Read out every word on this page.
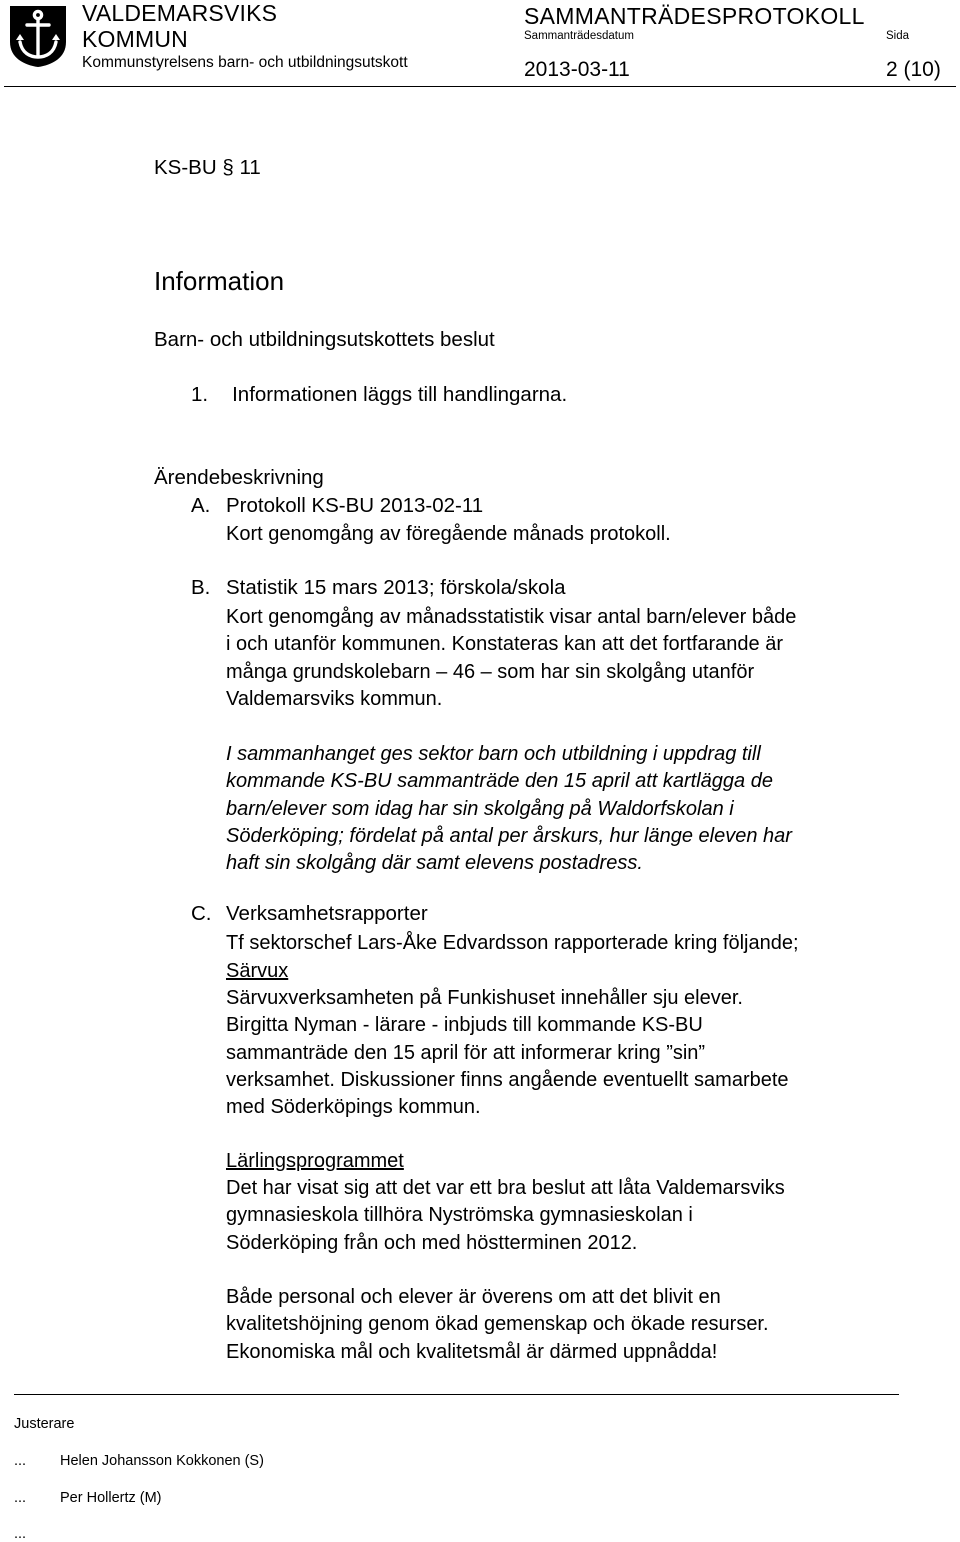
VALDEMARSVIKS
KOMMUN
Kommunstyrelsens barn- och utbildningsutskott
SAMMANTRÄDESPROTOKOLL
Sammanträdesdatum	Sida
2013-03-11	2 (10)
KS-BU § 11
Information
Barn- och utbildningsutskottets beslut
1. Informationen läggs till handlingarna.
Ärendebeskrivning
A. Protokoll KS-BU 2013-02-11
Kort genomgång av föregående månads protokoll.
B. Statistik 15 mars 2013; förskola/skola
Kort genomgång av månadsstatistik visar antal barn/elever både
i och utanför kommunen. Konstateras kan att det fortfarande är
många grundskolebarn – 46 – som har sin skolgång utanför
Valdemarsviks kommun.
I sammanhanget ges sektor barn och utbildning i uppdrag till
kommande KS-BU sammanträde den 15 april att kartlägga de
barn/elever som idag har sin skolgång på Waldorfskolan i
Söderköping; fördelat på antal per årskurs, hur länge eleven har
haft sin skolgång där samt elevens postadress.
C. Verksamhetsrapporter
Tf sektorschef Lars-Åke Edvardsson rapporterade kring följande;
Särvux
Särvuxverksamheten på Funkishuset innehåller sju elever.
Birgitta Nyman - lärare - inbjuds till kommande KS-BU
sammanträde den 15 april för att informerar kring ”sin”
verksamhet. Diskussioner finns angående eventuellt samarbete
med Söderköpings kommun.
Lärlingsprogrammet
Det har visat sig att det var ett bra beslut att låta Valdemarsviks
gymnasieskola tillhöra Nyströmska gymnasieskolan i
Söderköping från och med höstterminen 2012.
Både personal och elever är överens om att det blivit en
kvalitetshöjning genom ökad gemenskap och ökade resurser.
Ekonomiska mål och kvalitetsmål är därmed uppnådda!
Justerare
... Helen Johansson Kokkonen (S)
... Per Hollertz (M)
...
